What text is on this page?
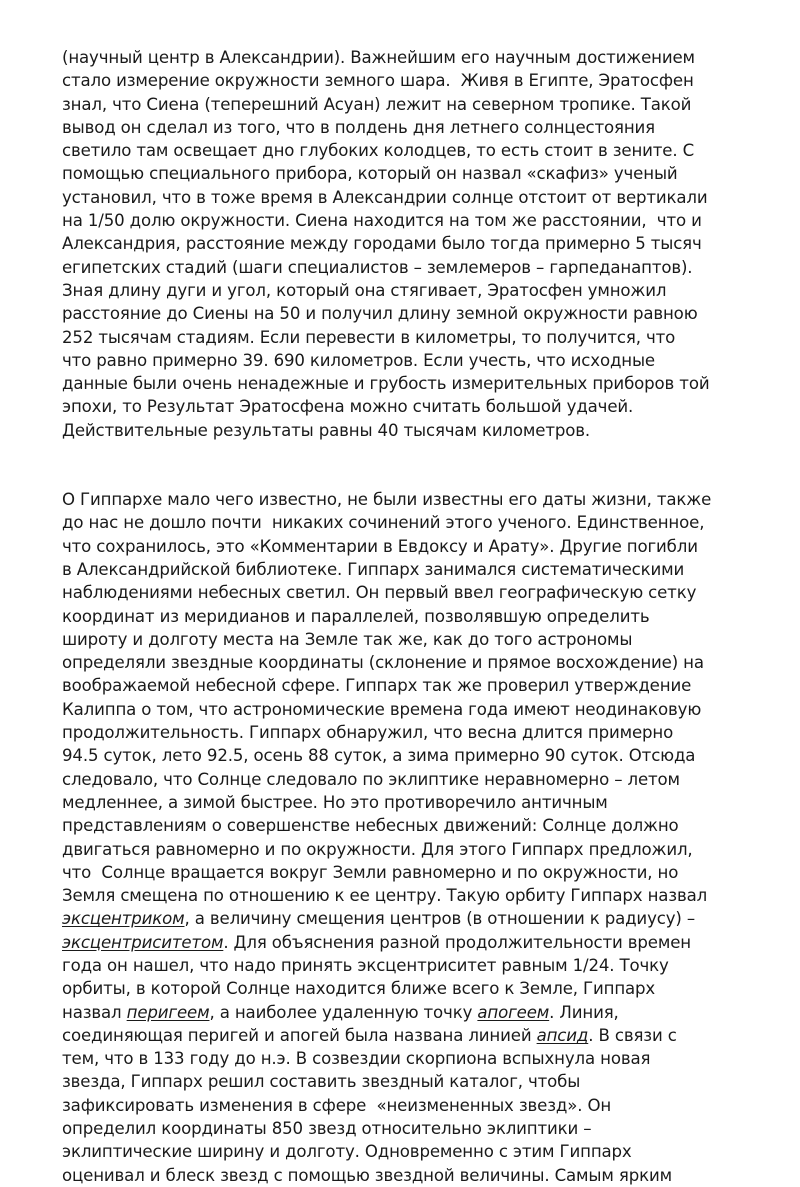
(научный центр в Александрии). Важнейшим его научным достижением
стало измерение окружности земного шара.  Живя в Египте, Эратосфен
знал, что Сиена (теперешний Асуан) лежит на северном тропике. Такой
вывод он сделал из того, что в полдень дня летнего солнцестояния
светило там освещает дно глубоких колодцев, то есть стоит в зените. С
помощью специального прибора, который он назвал «скафиз» ученый
установил, что в тоже время в Александрии солнце отстоит от вертикали
на 1/50 долю окружности. Сиена находится на том же расстоянии,  что и
Александрия, расстояние между городами было тогда примерно 5 тысяч
египетских стадий (шаги специалистов – землемеров – гарпеданаптов).
Зная длину дуги и угол, который она стягивает, Эратосфен умножил
расстояние до Сиены на 50 и получил длину земной окружности равною
252 тысячам стадиям. Если перевести в километры, то получится, что
что равно примерно 39. 690 километров. Если учесть, что исходные
данные были очень ненадежные и грубость измерительных приборов той
эпохи, то Результат Эратосфена можно считать большой удачей.
Действительные результаты равны 40 тысячам километров.
О Гиппархе мало чего известно, не были известны его даты жизни, также
до нас не дошло почти  никаких сочинений этого ученого. Единственное,
что сохранилось, это «Комментарии в Евдоксу и Арату». Другие погибли
в Александрийской библиотеке. Гиппарх занимался систематическими
наблюдениями небесных светил. Он первый ввел географическую сетку
координат из меридианов и параллелей, позволявшую определить
широту и долготу места на Земле так же, как до того астрономы
определяли звездные координаты (склонение и прямое восхождение) на
воображаемой небесной сфере. Гиппарх так же проверил утверждение
Калиппа о том, что астрономические времена года имеют неодинаковую
продолжительность. Гиппарх обнаружил, что весна длится примерно
94.5 суток, лето 92.5, осень 88 суток, а зима примерно 90 суток. Отсюда
следовало, что Солнце следовало по эклиптике неравномерно – летом
медленнее, а зимой быстрее. Но это противоречило античным
представлениям о совершенстве небесных движений: Солнце должно
двигаться равномерно и по окружности. Для этого Гиппарх предложил,
что  Солнце вращается вокруг Земли равномерно и по окружности, но
Земля смещена по отношению к ее центру. Такую орбиту Гиппарх назвал
эксцентриком, а величину смещения центров (в отношении к радиусу) –
эксцентриситетом. Для объяснения разной продолжительности времен
года он нашел, что надо принять эксцентриситет равным 1/24. Точку
орбиты, в которой Солнце находится ближе всего к Земле, Гиппарх
назвал перигеем, а наиболее удаленную точку апогеем. Линия,
соединяющая перигей и апогей была названа линией апсид. В связи с
тем, что в 133 году до н.э. В созвездии скорпиона вспыхнула новая
звезда, Гиппарх решил составить звездный каталог, чтобы
зафиксировать изменения в сфере  «неизмененных звезд». Он
определил координаты 850 звезд относительно эклиптики –
эклиптические ширину и долготу. Одновременно с этим Гиппарх
оценивал и блеск звезд с помощью звездной величины. Самым ярким
